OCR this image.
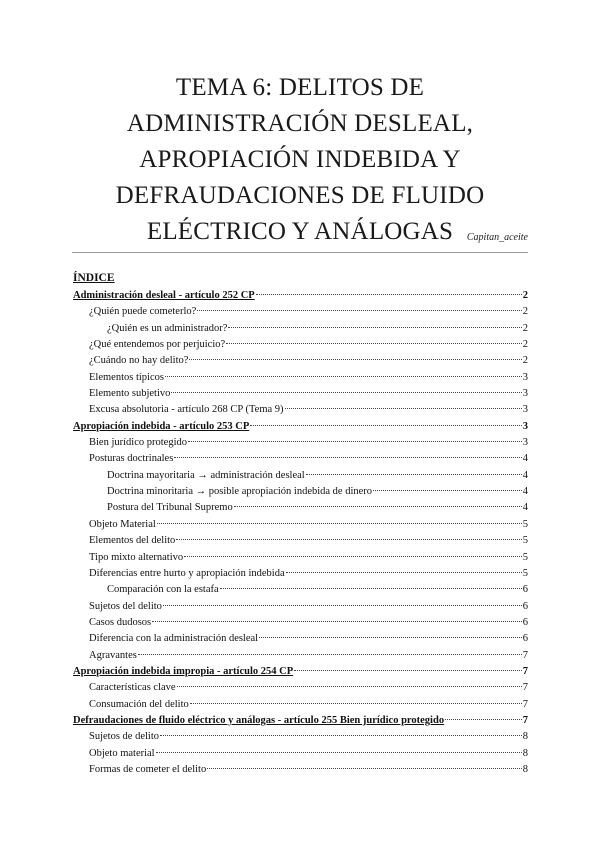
TEMA 6: DELITOS DE
ADMINISTRACIÓN DESLEAL,
APROPIACIÓN INDEBIDA Y
DEFRAUDACIONES DE FLUIDO
ELÉCTRICO Y ANÁLOGAS	Capitan_aceite
ÍNDICE
Administración desleal - artículo 252 CP	2
¿Quién puede cometerlo?	2
¿Quién es un administrador?	2
¿Qué entendemos por perjuicio?	2
¿Cuándo no hay delito?	2
Elementos típicos	3
Elemento subjetivo	3
Excusa absolutoria - artículo 268 CP (Tema 9)	3
Apropiación indebida - artículo 253 CP	3
Bien jurídico protegido	3
Posturas doctrinales	4
Doctrina mayoritaria → administración desleal	4
Doctrina minoritaria → posible apropiación indebida de dinero	4
Postura del Tribunal Supremo	4
Objeto Material	5
Elementos del delito	5
Tipo mixto alternativo	5
Diferencias entre hurto y apropiación indebida	5
Comparación con la estafa	6
Sujetos del delito	6
Casos dudosos	6
Diferencia con la administración desleal	6
Agravantes	7
Apropiación indebida impropia - artículo 254 CP	7
Características clave	7
Consumación del delito	7
Defraudaciones de fluido eléctrico y análogas - artículo 255 Bien jurídico protegido	7
Sujetos de delito	8
Objeto material	8
Formas de cometer el delito	8
